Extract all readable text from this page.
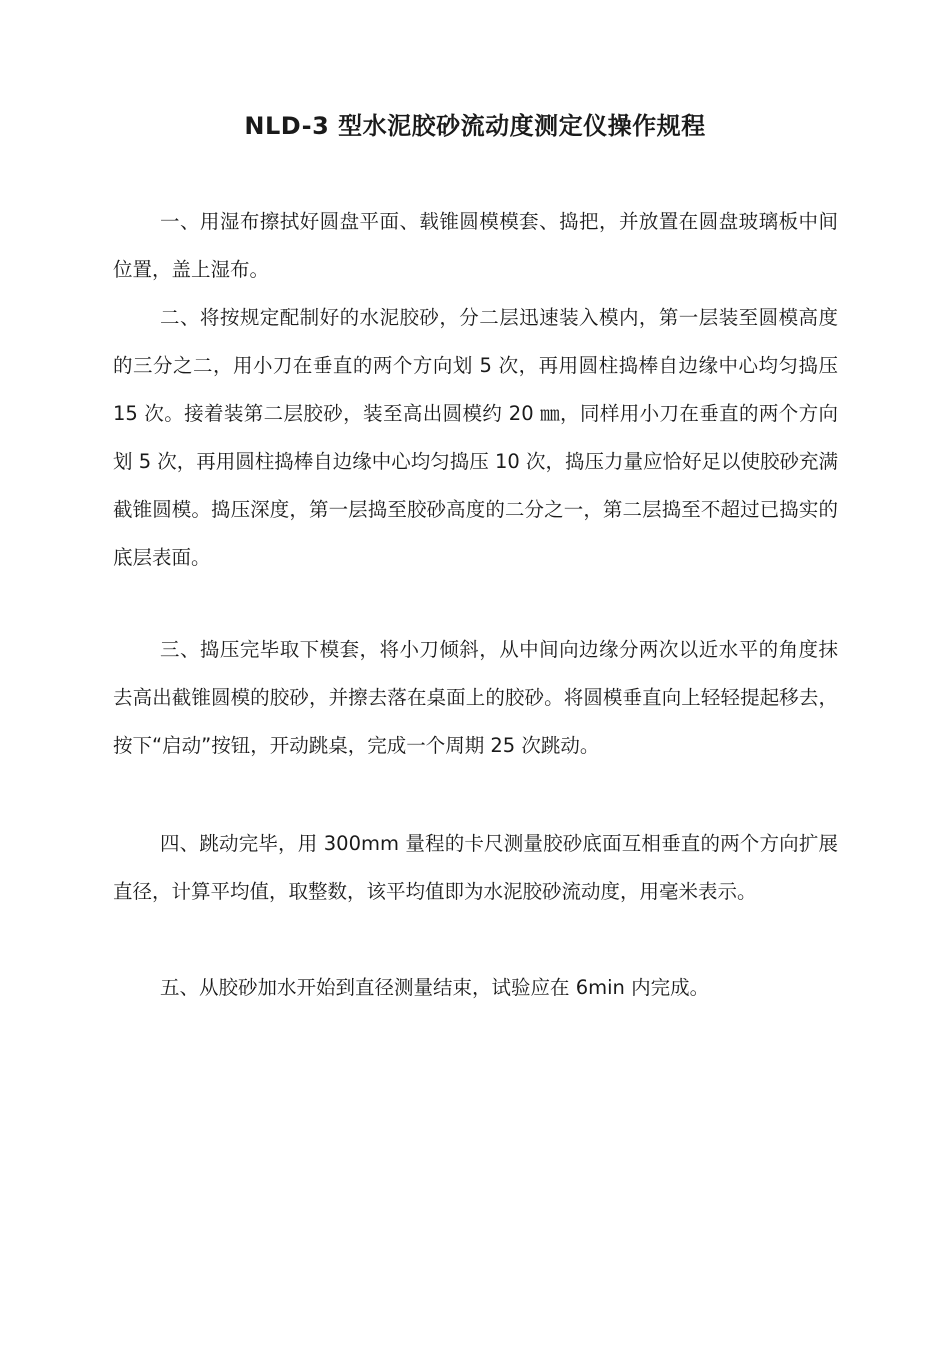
NLD-3 型水泥胶砂流动度测定仪操作规程

一、用湿布擦拭好圆盘平面、载锥圆模模套、捣把，并放置在圆盘玻璃板中间位置，盖上湿布。

二、将按规定配制好的水泥胶砂，分二层迅速装入模内，第一层装至圆模高度的三分之二，用小刀在垂直的两个方向划 5 次，再用圆柱捣棒自边缘中心均匀捣压 15 次。接着装第二层胶砂，装至高出圆模约 20 ㎜，同样用小刀在垂直的两个方向划 5 次，再用圆柱捣棒自边缘中心均匀捣压 10 次，捣压力量应恰好足以使胶砂充满截锥圆模。捣压深度，第一层捣至胶砂高度的二分之一，第二层捣至不超过已捣实的底层表面。

三、捣压完毕取下模套，将小刀倾斜，从中间向边缘分两次以近水平的角度抹去高出截锥圆模的胶砂，并擦去落在桌面上的胶砂。将圆模垂直向上轻轻提起移去，按下“启动”按钮，开动跳桌，完成一个周期 25 次跳动。

四、跳动完毕，用 300mm 量程的卡尺测量胶砂底面互相垂直的两个方向扩展直径，计算平均值，取整数，该平均值即为水泥胶砂流动度，用毫米表示。

五、从胶砂加水开始到直径测量结束，试验应在 6min 内完成。
